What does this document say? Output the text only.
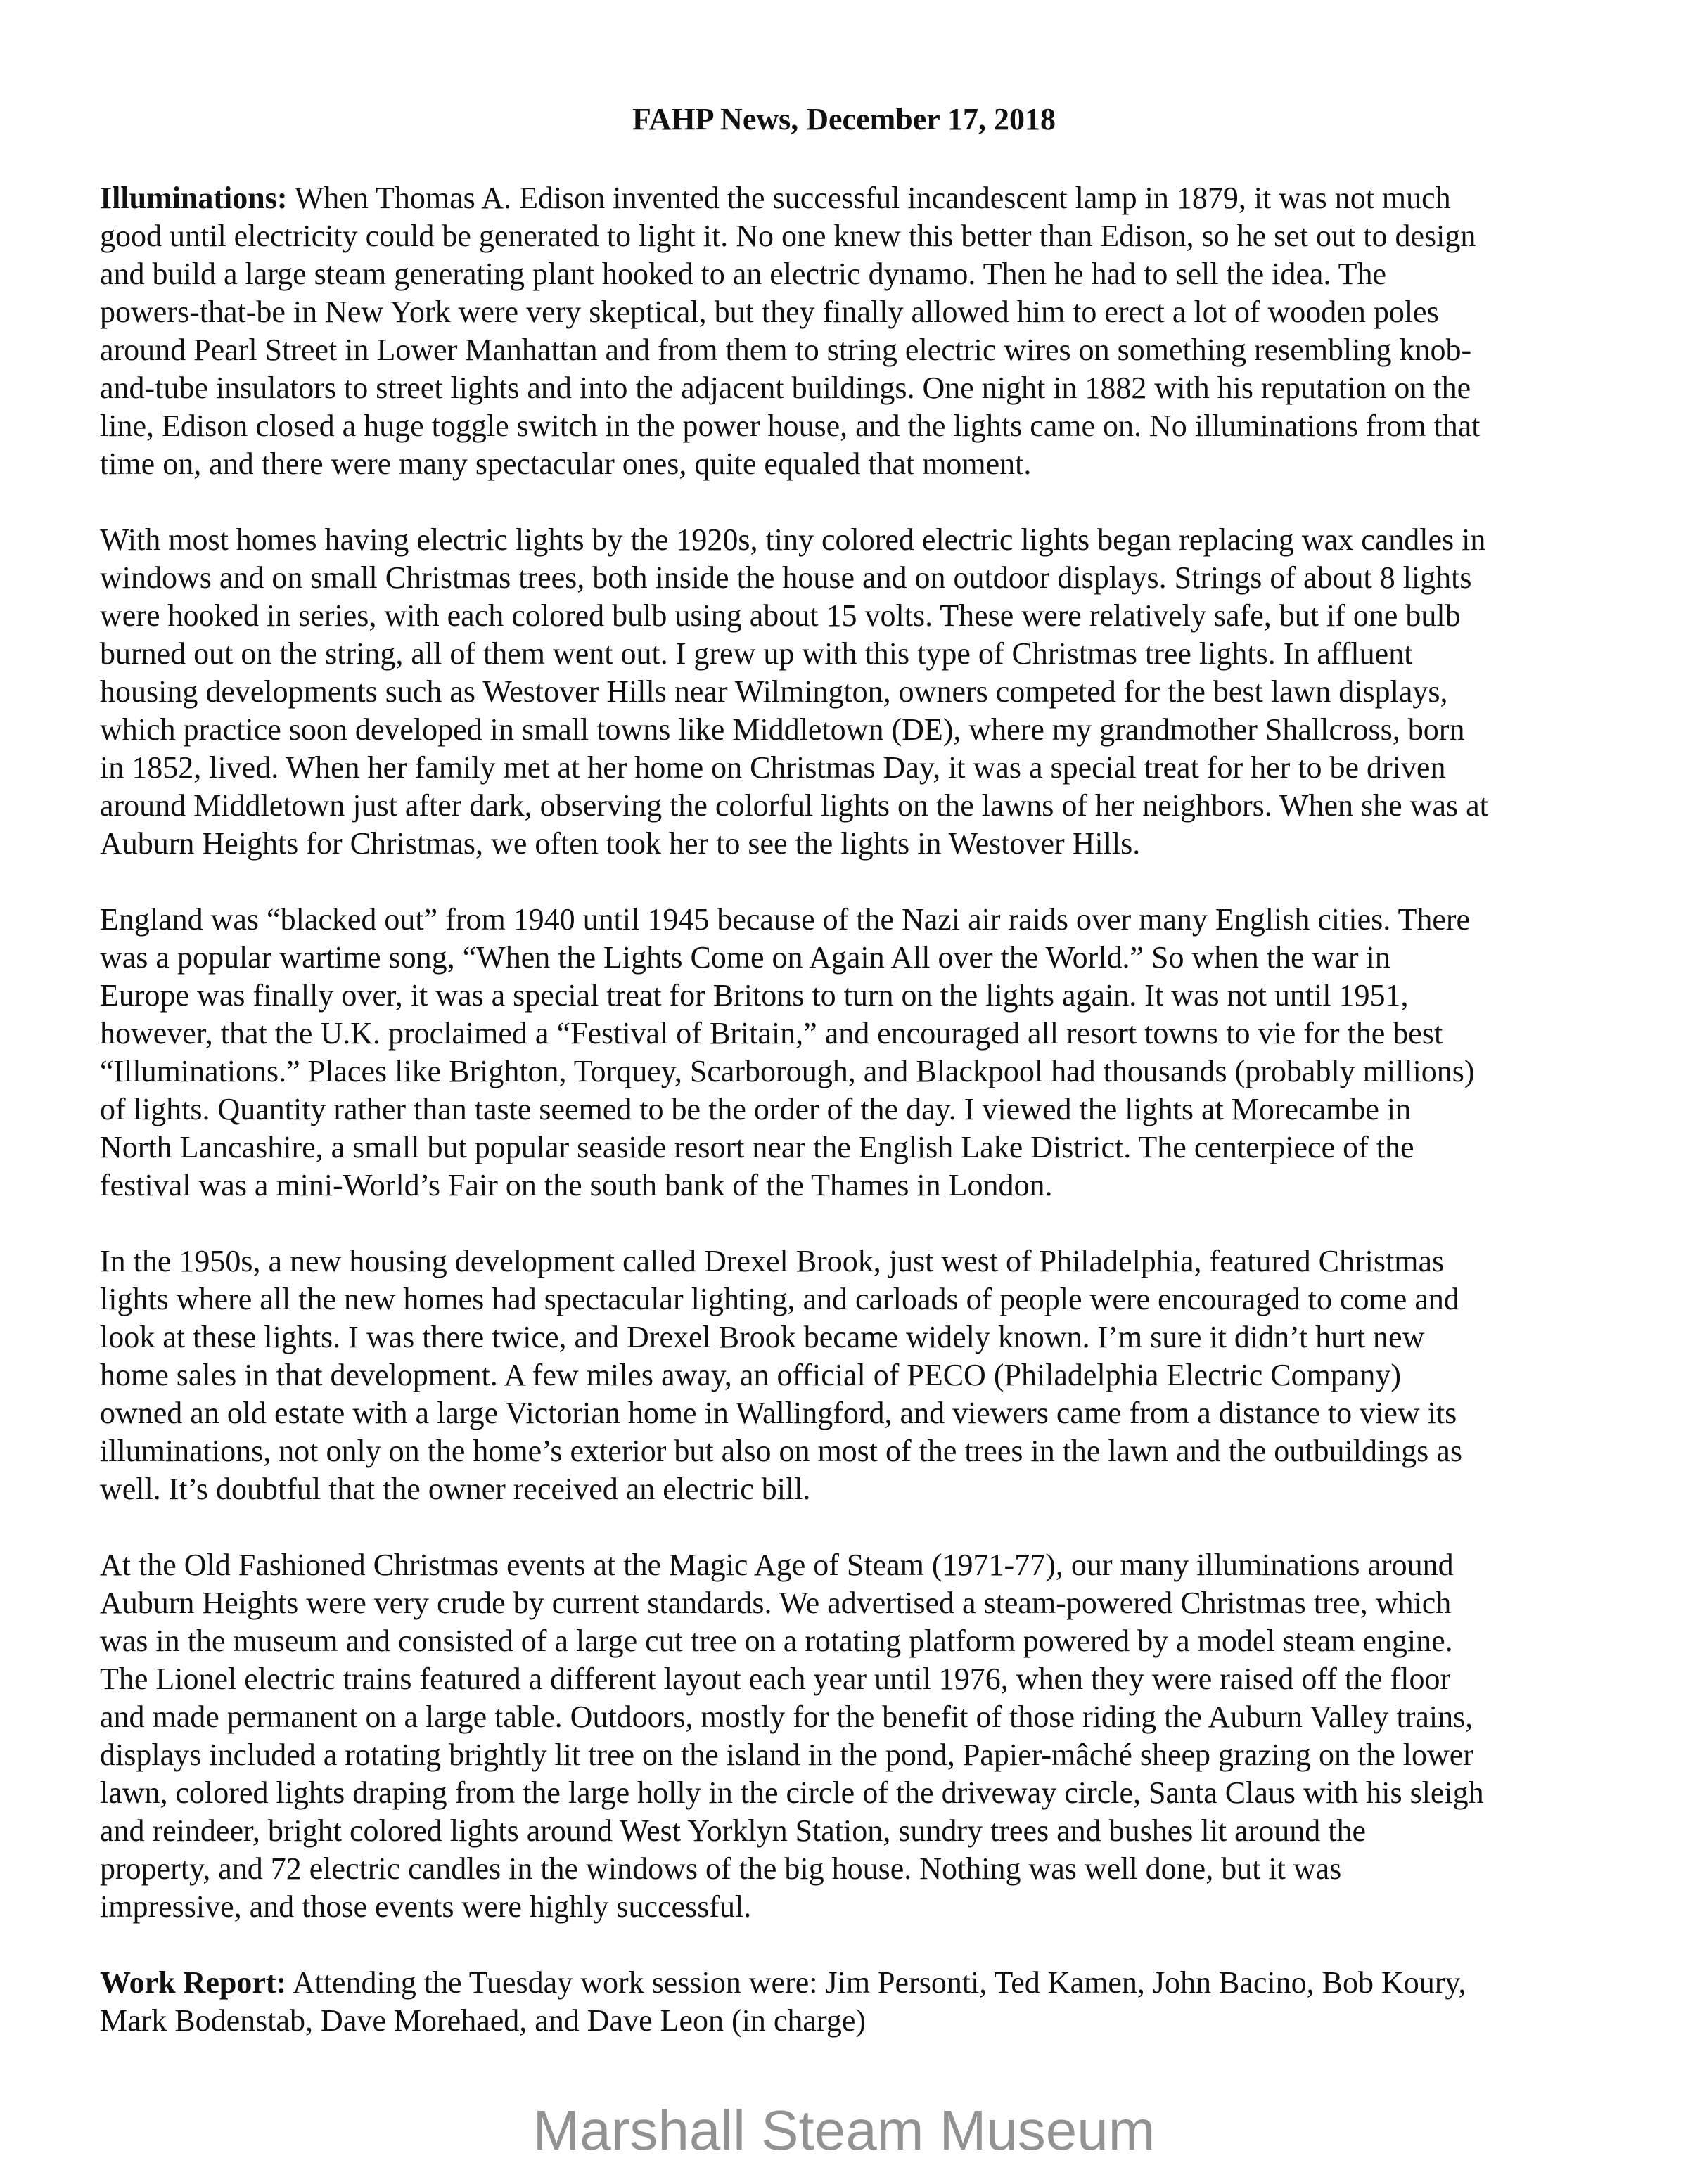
FAHP News, December 17, 2018
Illuminations: When Thomas A. Edison invented the successful incandescent lamp in 1879, it was not much
good until electricity could be generated to light it. No one knew this better than Edison, so he set out to design
and build a large steam generating plant hooked to an electric dynamo. Then he had to sell the idea. The
powers-that-be in New York were very skeptical, but they finally allowed him to erect a lot of wooden poles
around Pearl Street in Lower Manhattan and from them to string electric wires on something resembling knob-
and-tube insulators to street lights and into the adjacent buildings. One night in 1882 with his reputation on the
line, Edison closed a huge toggle switch in the power house, and the lights came on. No illuminations from that
time on, and there were many spectacular ones, quite equaled that moment.
With most homes having electric lights by the 1920s, tiny colored electric lights began replacing wax candles in
windows and on small Christmas trees, both inside the house and on outdoor displays. Strings of about 8 lights
were hooked in series, with each colored bulb using about 15 volts. These were relatively safe, but if one bulb
burned out on the string, all of them went out. I grew up with this type of Christmas tree lights. In affluent
housing developments such as Westover Hills near Wilmington, owners competed for the best lawn displays,
which practice soon developed in small towns like Middletown (DE), where my grandmother Shallcross, born
in 1852, lived. When her family met at her home on Christmas Day, it was a special treat for her to be driven
around Middletown just after dark, observing the colorful lights on the lawns of her neighbors. When she was at
Auburn Heights for Christmas, we often took her to see the lights in Westover Hills.
England was “blacked out” from 1940 until 1945 because of the Nazi air raids over many English cities. There
was a popular wartime song, “When the Lights Come on Again All over the World.” So when the war in
Europe was finally over, it was a special treat for Britons to turn on the lights again. It was not until 1951,
however, that the U.K. proclaimed a “Festival of Britain,” and encouraged all resort towns to vie for the best
“Illuminations.” Places like Brighton, Torquey, Scarborough, and Blackpool had thousands (probably millions)
of lights. Quantity rather than taste seemed to be the order of the day. I viewed the lights at Morecambe in
North Lancashire, a small but popular seaside resort near the English Lake District. The centerpiece of the
festival was a mini-World’s Fair on the south bank of the Thames in London.
In the 1950s, a new housing development called Drexel Brook, just west of Philadelphia, featured Christmas
lights where all the new homes had spectacular lighting, and carloads of people were encouraged to come and
look at these lights. I was there twice, and Drexel Brook became widely known. I’m sure it didn’t hurt new
home sales in that development. A few miles away, an official of PECO (Philadelphia Electric Company)
owned an old estate with a large Victorian home in Wallingford, and viewers came from a distance to view its
illuminations, not only on the home’s exterior but also on most of the trees in the lawn and the outbuildings as
well. It’s doubtful that the owner received an electric bill.
At the Old Fashioned Christmas events at the Magic Age of Steam (1971-77), our many illuminations around
Auburn Heights were very crude by current standards. We advertised a steam-powered Christmas tree, which
was in the museum and consisted of a large cut tree on a rotating platform powered by a model steam engine.
The Lionel electric trains featured a different layout each year until 1976, when they were raised off the floor
and made permanent on a large table. Outdoors, mostly for the benefit of those riding the Auburn Valley trains,
displays included a rotating brightly lit tree on the island in the pond, Papier-mâché sheep grazing on the lower
lawn, colored lights draping from the large holly in the circle of the driveway circle, Santa Claus with his sleigh
and reindeer, bright colored lights around West Yorklyn Station, sundry trees and bushes lit around the
property, and 72 electric candles in the windows of the big house. Nothing was well done, but it was
impressive, and those events were highly successful.
Work Report: Attending the Tuesday work session were: Jim Personti, Ted Kamen, John Bacino, Bob Koury,
Mark Bodenstab, Dave Morehaed, and Dave Leon (in charge)
Marshall Steam Museum
